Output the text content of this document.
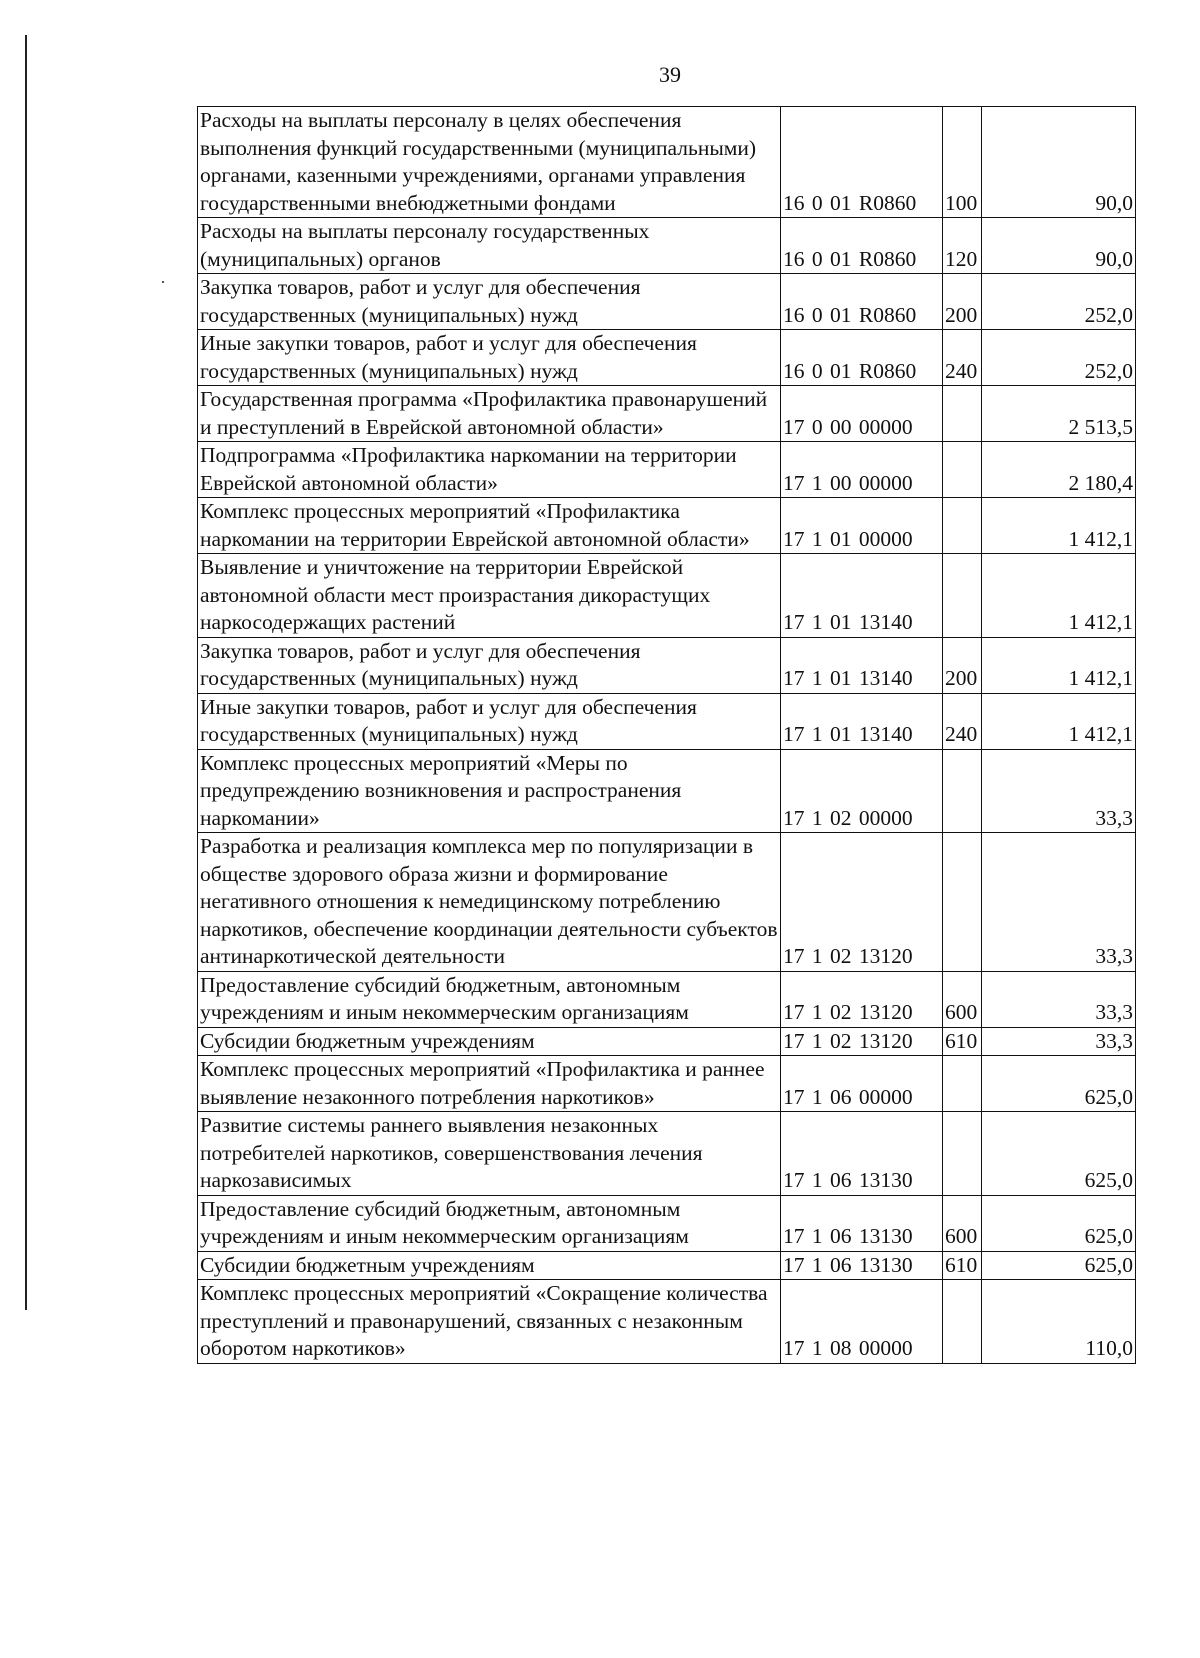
39
Расходы на выплаты персоналу в целях обеспечения выполнения функций государственными (муниципальными) органами, казенными учреждениями, органами управления государственными внебюджетными фондами	16 0 01 R0860	100	90,0
Расходы на выплаты персоналу государственных (муниципальных) органов	16 0 01 R0860	120	90,0
Закупка товаров, работ и услуг для обеспечения государственных (муниципальных) нужд	16 0 01 R0860	200	252,0
Иные закупки товаров, работ и услуг для обеспечения государственных (муниципальных) нужд	16 0 01 R0860	240	252,0
Государственная программа «Профилактика правонарушений и преступлений в Еврейской автономной области»	17 0 00 00000		2 513,5
Подпрограмма «Профилактика наркомании на территории Еврейской автономной области»	17 1 00 00000		2 180,4
Комплекс процессных мероприятий «Профилактика наркомании на территории Еврейской автономной области»	17 1 01 00000		1 412,1
Выявление и уничтожение на территории Еврейской автономной области мест произрастания дикорастущих наркосодержащих растений	17 1 01 13140		1 412,1
Закупка товаров, работ и услуг для обеспечения государственных (муниципальных) нужд	17 1 01 13140	200	1 412,1
Иные закупки товаров, работ и услуг для обеспечения государственных (муниципальных) нужд	17 1 01 13140	240	1 412,1
Комплекс процессных мероприятий «Меры по предупреждению возникновения и распространения наркомании»	17 1 02 00000		33,3
Разработка и реализация комплекса мер по популяризации в обществе здорового образа жизни и формирование негативного отношения к немедицинскому потреблению наркотиков, обеспечение координации деятельности субъектов антинаркотической деятельности	17 1 02 13120		33,3
Предоставление субсидий бюджетным, автономным учреждениям и иным некоммерческим организациям	17 1 02 13120	600	33,3
Субсидии бюджетным учреждениям	17 1 02 13120	610	33,3
Комплекс процессных мероприятий «Профилактика и раннее выявление незаконного потребления наркотиков»	17 1 06 00000		625,0
Развитие системы раннего выявления незаконных потребителей наркотиков, совершенствования лечения наркозависимых	17 1 06 13130		625,0
Предоставление субсидий бюджетным, автономным учреждениям и иным некоммерческим организациям	17 1 06 13130	600	625,0
Субсидии бюджетным учреждениям	17 1 06 13130	610	625,0
Комплекс процессных мероприятий «Сокращение количества преступлений и правонарушений, связанных с незаконным оборотом наркотиков»	17 1 08 00000		110,0
